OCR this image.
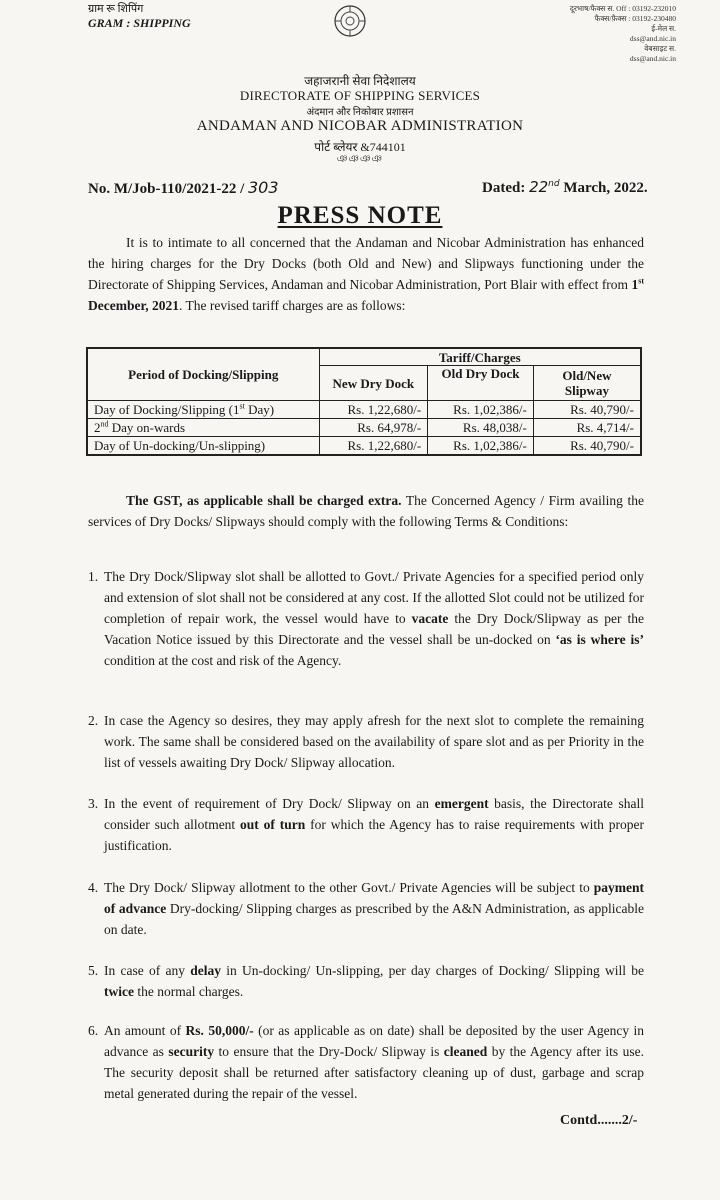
ग्राम रू शिपिंग
GRAM : SHIPPING
दूरभाष/फैक्स स. Off : 03192-232010
फैक्स/फ़ैक्स : 03192-230480
ई-मेल स.
dss@and.nic.in
वेबसाइट स.
dss@and.nic.in
जहाजरानी सेवा निदेशालय
DIRECTORATE OF SHIPPING SERVICES
अंदमान और निकोबार प्रशासन
ANDAMAN AND NICOBAR ADMINISTRATION
पोर्ट ब्लेयर &744101
ঞঞঞঞ
No. M/Job-110/2021-22 / 303	Dated: 22nd March, 2022.
PRESS NOTE
It is to intimate to all concerned that the Andaman and Nicobar Administration has enhanced the hiring charges for the Dry Docks (both Old and New) and Slipways functioning under the Directorate of Shipping Services, Andaman and Nicobar Administration, Port Blair with effect from 1st December, 2021. The revised tariff charges are as follows:
Period of Docking/Slipping	Tariff/Charges		
	New Dry Dock	Old Dry Dock	Old/New Slipway
Day of Docking/Slipping (1st Day)	Rs. 1,22,680/-	Rs. 1,02,386/-	Rs. 40,790/-
2nd Day on-wards	Rs. 64,978/-	Rs. 48,038/-	Rs. 4,714/-
Day of Un-docking/Un-slipping)	Rs. 1,22,680/-	Rs. 1,02,386/-	Rs. 40,790/-
The GST, as applicable shall be charged extra. The Concerned Agency / Firm availing the services of Dry Docks/ Slipways should comply with the following Terms & Conditions:
1. The Dry Dock/Slipway slot shall be allotted to Govt./ Private Agencies for a specified period only and extension of slot shall not be considered at any cost. If the allotted Slot could not be utilized for completion of repair work, the vessel would have to vacate the Dry Dock/Slipway as per the Vacation Notice issued by this Directorate and the vessel shall be un-docked on ‘as is where is’ condition at the cost and risk of the Agency.
2. In case the Agency so desires, they may apply afresh for the next slot to complete the remaining work. The same shall be considered based on the availability of spare slot and as per Priority in the list of vessels awaiting Dry Dock/ Slipway allocation.
3. In the event of requirement of Dry Dock/ Slipway on an emergent basis, the Directorate shall consider such allotment out of turn for which the Agency has to raise requirements with proper justification.
4. The Dry Dock/ Slipway allotment to the other Govt./ Private Agencies will be subject to payment of advance Dry-docking/ Slipping charges as prescribed by the A&N Administration, as applicable on date.
5. In case of any delay in Un-docking/ Un-slipping, per day charges of Docking/ Slipping will be twice the normal charges.
6. An amount of Rs. 50,000/- (or as applicable as on date) shall be deposited by the user Agency in advance as security to ensure that the Dry-Dock/ Slipway is cleaned by the Agency after its use. The security deposit shall be returned after satisfactory cleaning up of dust, garbage and scrap metal generated during the repair of the vessel.
Contd.......2/-
